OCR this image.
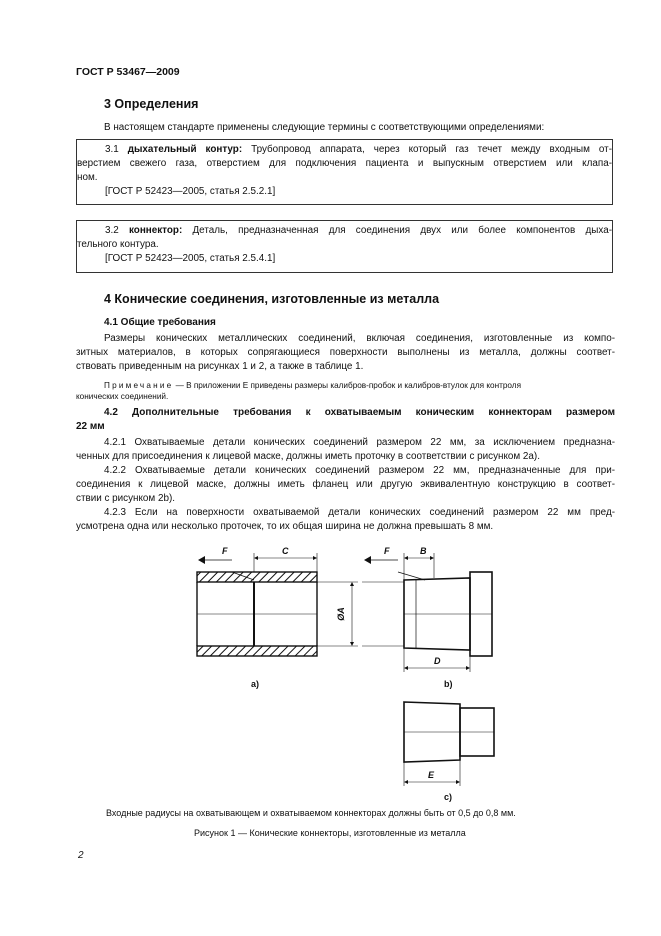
ГОСТ Р 53467—2009
3 Определения
В настоящем стандарте применены следующие термины с соответствующими определениями:
3.1 дыхательный контур: Трубопровод аппарата, через который газ течет между входным от-
верстием свежего газа, отверстием для подключения пациента и выпускным отверстием или клапа-
ном.
[ГОСТ Р 52423—2005, статья 2.5.2.1]
3.2 коннектор: Деталь, предназначенная для соединения двух или более компонентов дыха-
тельного контура.
[ГОСТ Р 52423—2005, статья 2.5.4.1]
4 Конические соединения, изготовленные из металла
4.1 Общие требования
Размеры конических металлических соединений, включая соединения, изготовленные из компо-
зитных материалов, в которых сопрягающиеся поверхности выполнены из металла, должны соответ-
ствовать приведенным на рисунках 1 и 2, а также в таблице 1.
Примечание — В приложении Е приведены размеры калибров-пробок и калибров-втулок для контроля
конических соединений.
4.2 Дополнительные требования к охватываемым коническим коннекторам размером
22 мм
4.2.1 Охватываемые детали конических соединений размером 22 мм, за исключением предназна-
ченных для присоединения к лицевой маске, должны иметь проточку в соответствии с рисунком 2а).
4.2.2 Охватываемые детали конических соединений размером 22 мм, предназначенные для при-
соединения к лицевой маске, должны иметь фланец или другую эквивалентную конструкцию в соответ-
ствии с рисунком 2b).
4.2.3 Если на поверхности охватываемой детали конических соединений размером 22 мм пред-
усмотрена одна или несколько проточек, то их общая ширина не должна превышать 8 мм.
F	C
ØA
F	B
D
E
a)	b)
c)
Входные радиусы на охватывающем и охватываемом коннекторах должны быть от 0,5 до 0,8 мм.
Рисунок 1 — Конические коннекторы, изготовленные из металла
2
